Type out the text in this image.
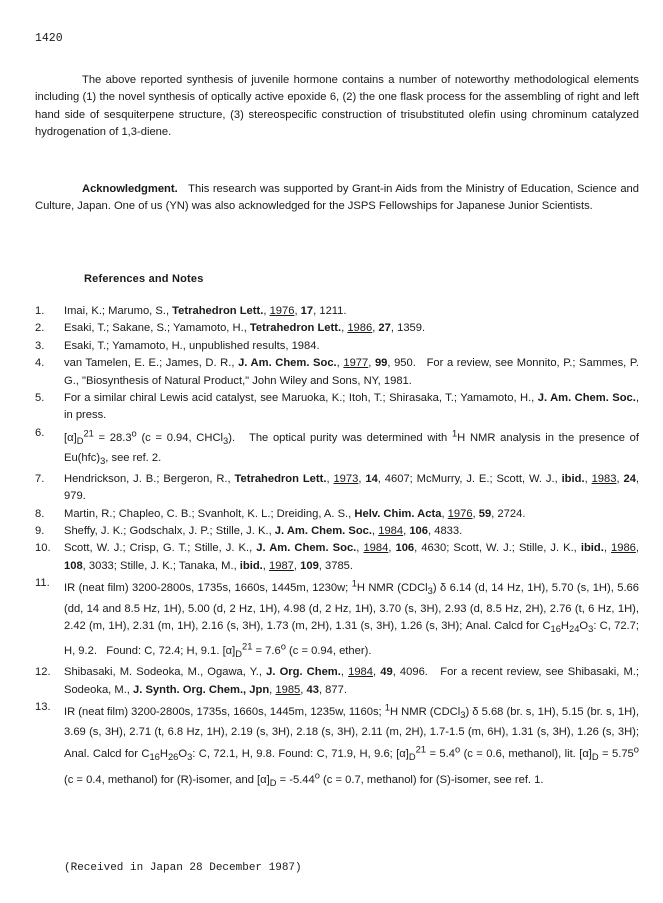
1420

The above reported synthesis of juvenile hormone contains a number of noteworthy methodological elements including (1) the novel synthesis of optically active epoxide 6, (2) the one flask process for the assembling of right and left hand side of sesquiterpene structure, (3) stereospecific construction of trisubstituted olefin using chrominum catalyzed hydrogenation of 1,3-diene.

Acknowledgment. This research was supported by Grant-in Aids from the Ministry of Education, Science and Culture, Japan. One of us (YN) was also acknowledged for the JSPS Fellowships for Japanese Junior Scientists.

References and Notes

1. Imai, K.; Marumo, S., Tetrahedron Lett., 1976, 17, 1211.
2. Esaki, T.; Sakane, S.; Yamamoto, H., Tetrahedron Lett., 1986, 27, 1359.
3. Esaki, T.; Yamamoto, H., unpublished results, 1984.
4. van Tamelen, E. E.; James, D. R., J. Am. Chem. Soc., 1977, 99, 950.   For a review, see Monnito, P.; Sammes, P. G., "Biosynthesis of Natural Product," John Wiley and Sons, NY, 1981.
5. For a similar chiral Lewis acid catalyst, see Maruoka, K.; Itoh, T.; Shirasaka, T.; Yamamoto, H., J. Am. Chem. Soc., in press.
6. $[\alpha]_D^{21} = 28.3^o$ (c = 0.94, CHCl$_3$).   The optical purity was determined with $^1$H NMR analysis in the presence of $Eu(hfc)_3$, see ref. 2.
7. Hendrickson, J. B.; Bergeron, R., Tetrahedron Lett., 1973, 14, 4607; McMurry, J. E.; Scott, W. J., ibid., 1983, 24, 979.
8. Martin, R.; Chapleo, C. B.; Svanholt, K. L.; Dreiding, A. S., Helv. Chim. Acta, 1976, 59, 2724.
9. Sheffy, J. K.; Godschalx, J. P.; Stille, J. K., J. Am. Chem. Soc., 1984, 106, 4833.
10. Scott, W. J.; Crisp, G. T.; Stille, J. K., J. Am. Chem. Soc., 1984, 106, 4630; Scott, W. J.; Stille, J. K., ibid., 1986, 108, 3033; Stille, J. K.; Tanaka, M., ibid., 1987, 109, 3785.
11. IR (neat film) 3200-2800s, 1735s, 1660s, 1445m, 1230w; $^1$H NMR (CDCl$_3$) δ 6.14 (d, 14 Hz, 1H), 5.70 (s, 1H), 5.66 (dd, 14 and 8.5 Hz, 1H), 5.00 (d, 2 Hz, 1H), 4.98 (d, 2 Hz, 1H), 3.70 (s, 3H), 2.93 (d, 8.5 Hz, 2H), 2.76 (t, 6 Hz, 1H), 2.42 (m, 1H), 2.31 (m, 1H), 2.16 (s, 3H), 1.73 (m, 2H), 1.31 (s, 3H), 1.26 (s, 3H); Anal. Calcd for $C_{16}H_{24}O_3$: C, 72.7; H, 9.2.   Found: C, 72.4; H, 9.1. $[\alpha]_D^{21} = 7.6^o$ (c = 0.94, ether).
12. Shibasaki, M. Sodeoka, M., Ogawa, Y., J. Org. Chem., 1984, 49, 4096.   For a recent review, see Shibasaki, M.; Sodeoka, M., J. Synth. Org. Chem., Jpn, 1985, 43, 877.
13. IR (neat film) 3200-2800s, 1735s, 1660s, 1445m, 1235w, 1160s; $^1$H NMR (CDCl$_3$) δ 5.68 (br. s, 1H), 5.15 (br. s, 1H), 3.69 (s, 3H), 2.71 (t, 6.8 Hz, 1H), 2.19 (s, 3H), 2.18 (s, 3H), 2.11 (m, 2H), 1.7-1.5 (m, 6H), 1.31 (s, 3H), 1.26 (s, 3H); Anal. Calcd for $C_{16}H_{26}O_3$: C, 72.1, H, 9.8. Found: C, 71.9, H, 9.6; $[\alpha]_D^{21} = 5.4^o$ (c = 0.6, methanol), lit. $[\alpha]_D = 5.75^o$ (c = 0.4, methanol) for (R)-isomer, and $[\alpha]_D = -5.44^o$ (c = 0.7, methanol) for (S)-isomer, see ref. 1.

(Received in Japan 28 December 1987)
